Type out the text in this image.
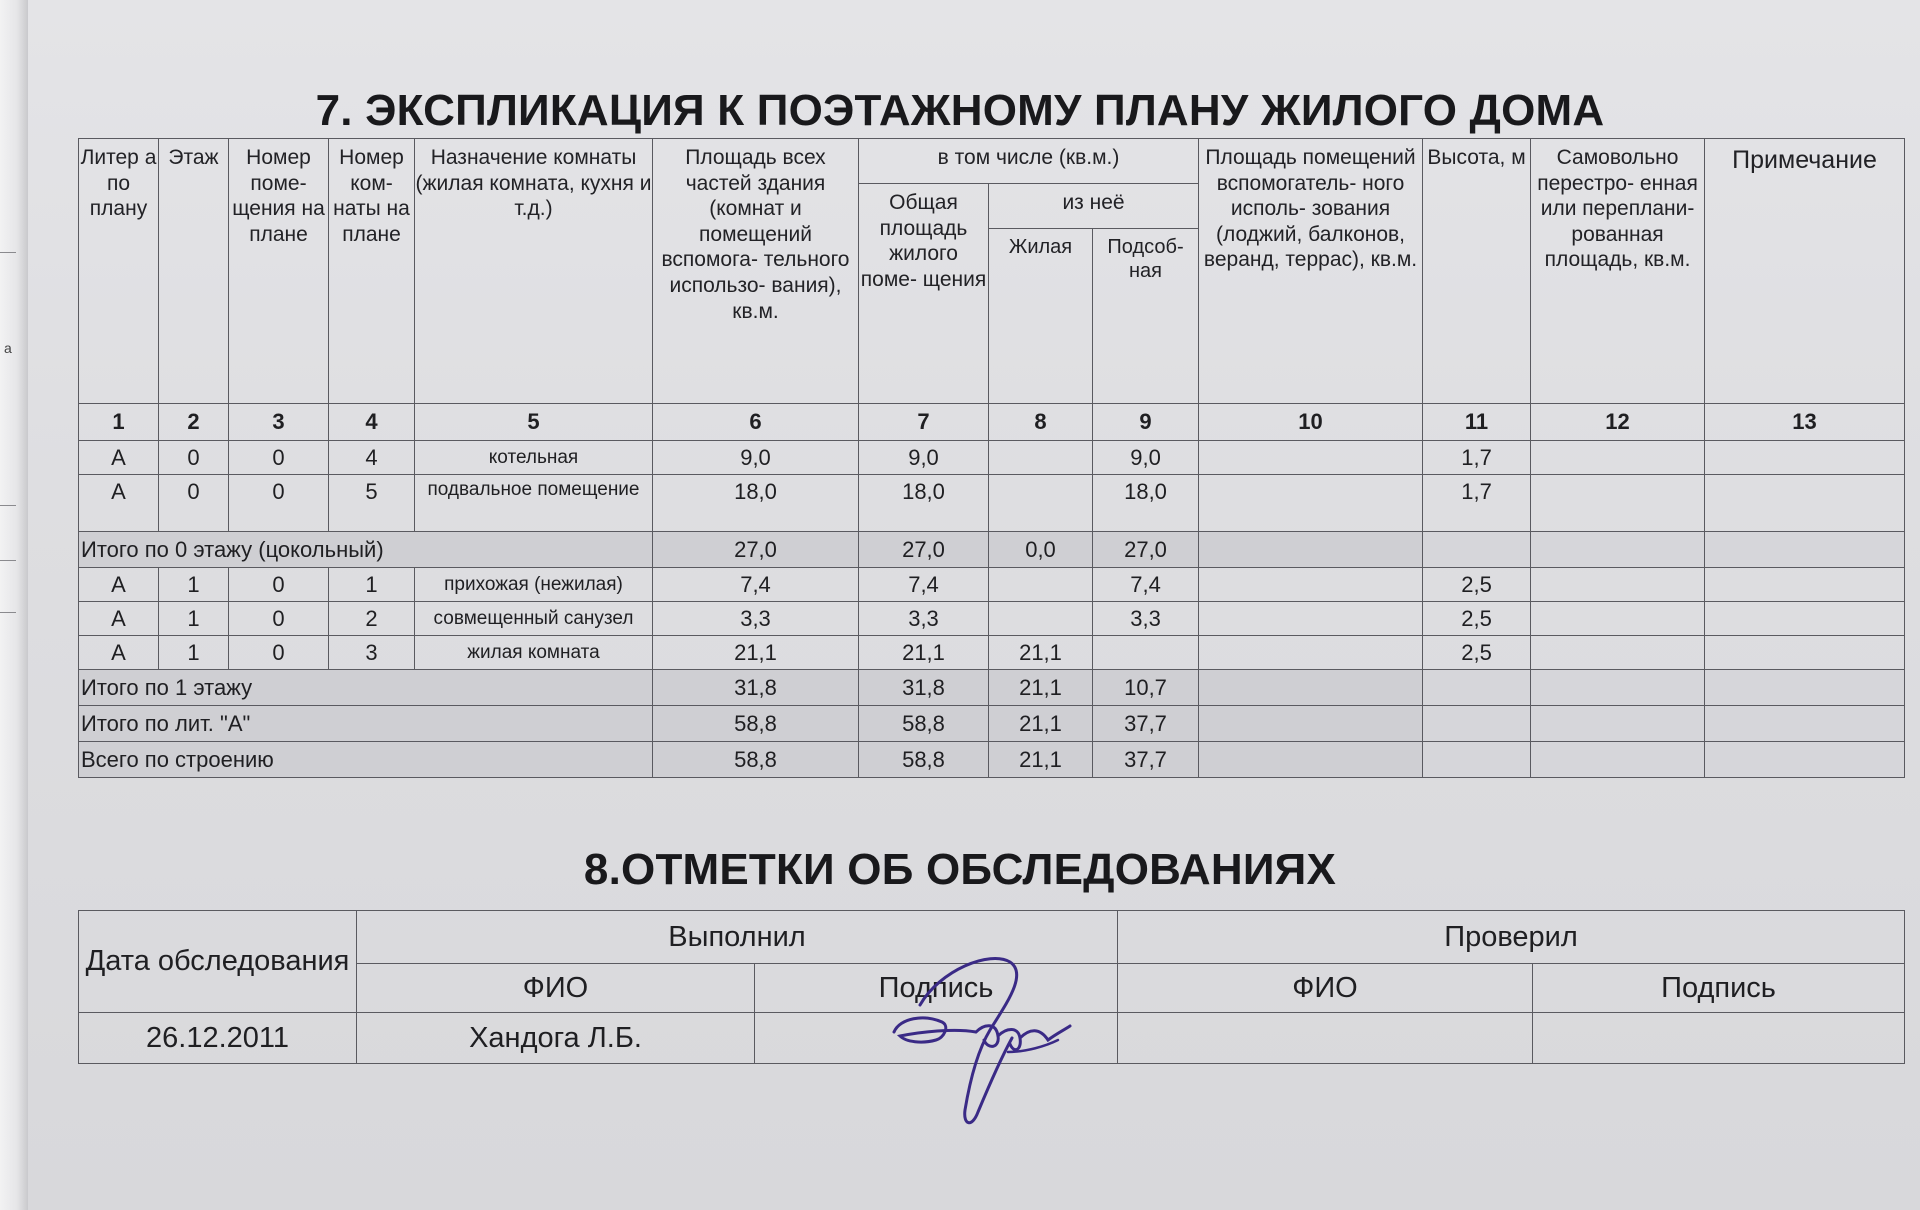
а
7. ЭКСПЛИКАЦИЯ К ПОЭТАЖНОМУ ПЛАНУ ЖИЛОГО ДОМА
Литер а по плану	Этаж	Номер поме- щения на плане	Номер ком- наты на плане	Назначение комнаты (жилая комната, кухня и т.д.)	Площадь всех частей здания (комнат и помещений вспомога- тельного использо- вания), кв.м.	в том числе (кв.м.)			Площадь помещений вспомогатель- ного исполь- зования (лоджий, балконов, веранд, террас), кв.м.	Высота, м	Самовольно перестро- енная или переплани- рованная площадь, кв.м.	Примечание
						Общая площадь жилого поме- щения	из неё					
							Жилая	Подсоб- ная				
1	2	3	4	5	6	7	8	9	10	11	12	13
А	0	0	4	котельная	9,0	9,0		9,0		1,7		
А	0	0	5	подвальное помещение	18,0	18,0		18,0		1,7		
Итого по 0 этажу (цокольный)					27,0	27,0	0,0	27,0				
А	1	0	1	прихожая (нежилая)	7,4	7,4		7,4		2,5		
А	1	0	2	совмещенный санузел	3,3	3,3		3,3		2,5		
А	1	0	3	жилая комната	21,1	21,1	21,1			2,5		
Итого по 1 этажу					31,8	31,8	21,1	10,7				
Итого по лит. "А"					58,8	58,8	21,1	37,7				
Всего по строению					58,8	58,8	21,1	37,7				
8.ОТМЕТКИ ОБ ОБСЛЕДОВАНИЯХ
Дата обследования	Выполнил		Проверил	
	ФИО	Подпись	ФИО	Подпись
26.12.2011	Хандога Л.Б.			
